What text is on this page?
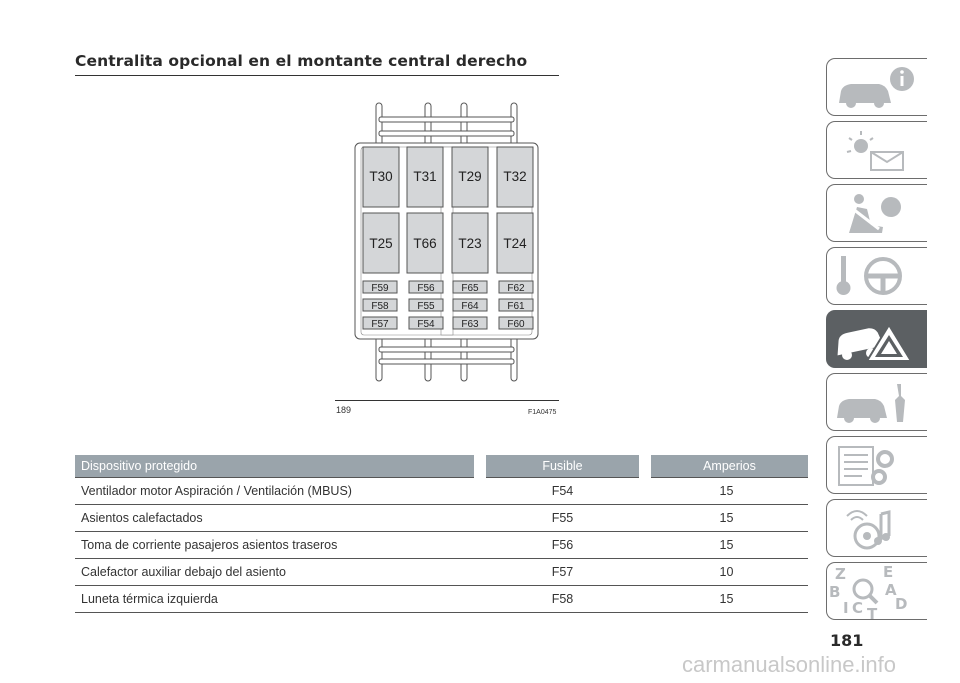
Centralita opcional en el montante central derecho
T30 T31 T29 T32
T25 T66 T23 T24
F59	F56	F65	F62
F58	F55	F64	F61
F57	F54	F63	F60
189	F1A0475
Dispositivo protegido	Fusible	Amperios
Ventilador motor Aspiración / Ventilación (MBUS)	F54	15
Asientos calefactados	F55	15
Toma de corriente pasajeros asientos traseros	F56	15
Calefactor auxiliar debajo del asiento	F57	10
Luneta térmica izquierda	F58	15
Z E
B	A
C D
T
I
181
carmanualsonline.info
